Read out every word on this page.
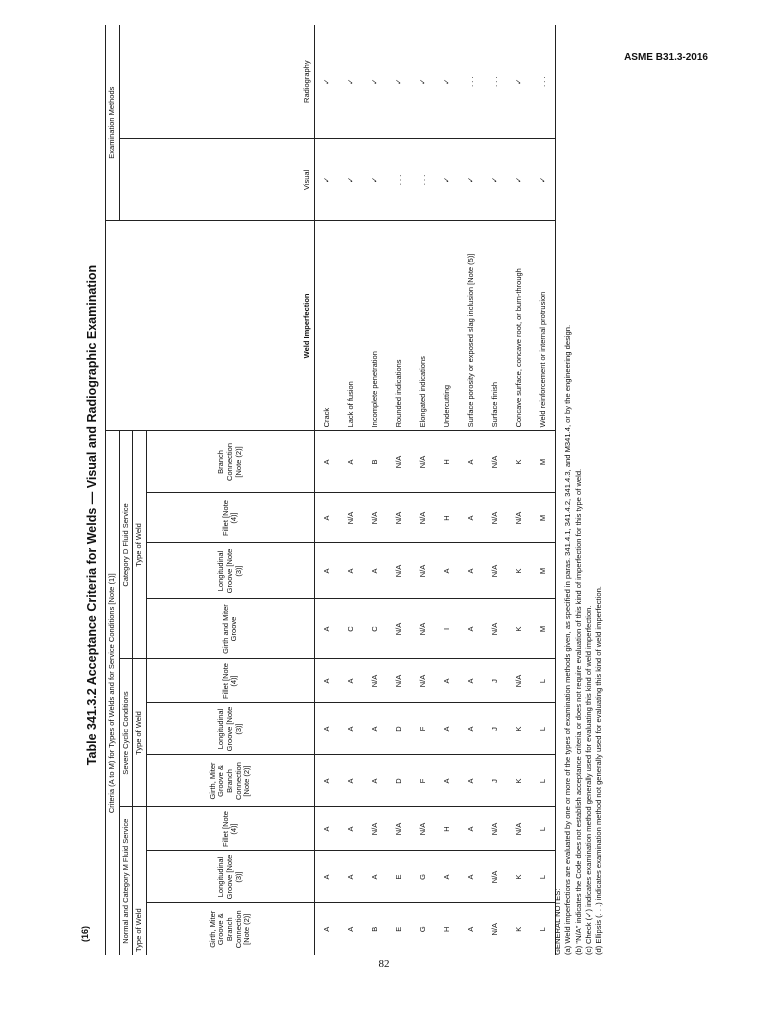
ASME B31.3-2016
(16)
Table 341.3.2 Acceptance Criteria for Welds — Visual and Radiographic Examination Criteria (A to M) for Types of Welds and for Service Conditions [Note (1)]										Weld Imperfection	Examination Methods	
Normal and Category M Fluid Service			Severe Cyclic Conditions			Category D Fluid Service					Visual	Radiography
Type of Weld			Type of Weld			Type of Weld						
Girth, Miter Groove & Branch Connection [Note (2)]	Longitudinal Groove [Note (3)]	Fillet [Note (4)]	Girth, Miter Groove & Branch Connection [Note (2)]	Longitudinal Groove [Note (3)]	Fillet [Note (4)]	Girth and Miter Groove	Longitudinal Groove [Note (3)]	Fillet [Note (4)]	Branch Connection [Note (2)]			
A	A	A	A	A	A	A	A	A	A	Crack	✓	✓
A	A	A	A	A	A	C	A	N/A	A	Lack of fusion	✓	✓
B	A	N/A	A	A	N/A	C	A	N/A	B	Incomplete penetration	✓	✓
E	E	N/A	D	D	N/A	N/A	N/A	N/A	N/A	Rounded indications	. . .	✓
G	G	N/A	F	F	N/A	N/A	N/A	N/A	N/A	Elongated indications	. . .	✓
H	A	H	A	A	A	I	A	H	H	Undercutting	✓	✓
A	A	A	A	A	A	A	A	A	A	Surface porosity or exposed slag inclusion [Note (5)]	✓	. . .
N/A	N/A	N/A	J	J	J	N/A	N/A	N/A	N/A	Surface finish	✓	. . .
K	K	N/A	K	K	N/A	K	K	N/A	K	Concave surface, concave root, or burn-through	✓	✓
L	L	L	L	L	L	M	M	M	M	Weld reinforcement or internal protrusion	✓	. . .
GENERAL NOTES: (a) Weld imperfections are evaluated by one or more of the types of examination methods given, as specified in paras. 341.4.1, 341.4.2, 341.4.3, and M341.4, or by the engineering design. (b) "N/A" indicates the Code does not establish acceptance criteria or does not require evaluation of this kind of imperfection for this type of weld. (c) Check (✓) indicates examination method generally used for evaluating this kind of weld imperfection. (d) Ellipsis (. . .) indicates examination method not generally used for evaluating this kind of weld imperfection.
82
